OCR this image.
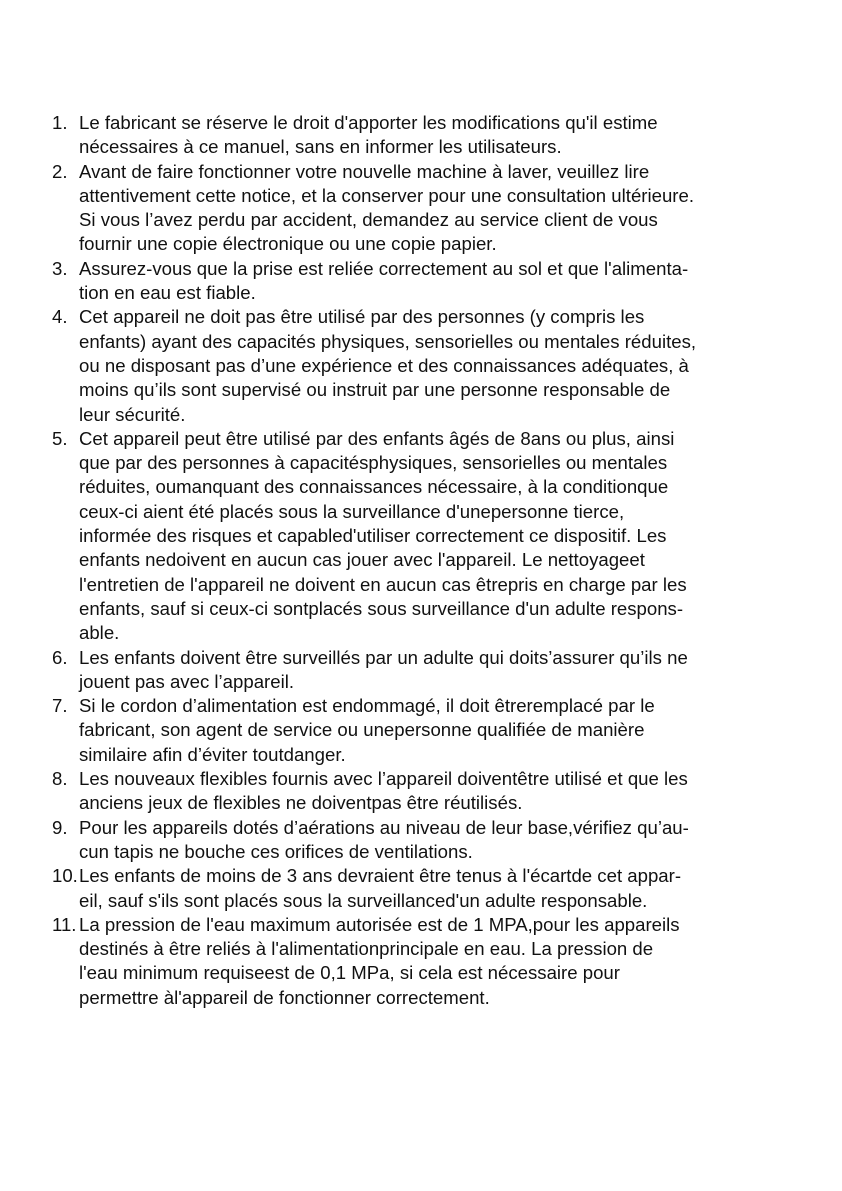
1. Le fabricant se réserve le droit d'apporter les modifications qu'il estime
nécessaires à ce manuel, sans en informer les utilisateurs.
2. Avant de faire fonctionner votre nouvelle machine à laver, veuillez lire
attentivement cette notice, et la conserver pour une consultation ultérieure.
Si vous l’avez perdu par accident, demandez au service client de vous
fournir une copie électronique ou une copie papier.
3. Assurez-vous que la prise est reliée correctement au sol et que l'alimenta-
tion en eau est fiable.
4. Cet appareil ne doit pas être utilisé par des personnes (y compris les
enfants) ayant des capacités physiques, sensorielles ou mentales réduites,
ou ne disposant pas d’une expérience et des connaissances adéquates, à
moins qu’ils sont supervisé ou instruit par une personne responsable de
leur sécurité.
5. Cet appareil peut être utilisé par des enfants âgés de 8ans ou plus, ainsi
que par des personnes à capacitésphysiques, sensorielles ou mentales
réduites, oumanquant des connaissances nécessaire, à la conditionque
ceux-ci aient été placés sous la surveillance d'unepersonne tierce,
informée des risques et capabled'utiliser correctement ce dispositif. Les
enfants nedoivent en aucun cas jouer avec l'appareil. Le nettoyageet
l'entretien de l'appareil ne doivent en aucun cas êtrepris en charge par les
enfants, sauf si ceux-ci sontplacés sous surveillance d'un adulte respons-
able.
6. Les enfants doivent être surveillés par un adulte qui doits’assurer qu’ils ne
jouent pas avec l’appareil.
7. Si le cordon d’alimentation est endommagé, il doit êtreremplacé par le
fabricant, son agent de service ou unepersonne qualifiée de manière
similaire afin d’éviter toutdanger.
8. Les nouveaux flexibles fournis avec l’appareil doiventêtre utilisé et que les
anciens jeux de flexibles ne doiventpas être réutilisés.
9. Pour les appareils dotés d’aérations au niveau de leur base,vérifiez qu’au-
cun tapis ne bouche ces orifices de ventilations.
10. Les enfants de moins de 3 ans devraient être tenus à l'écartde cet appar-
eil, sauf s'ils sont placés sous la surveillanced'un adulte responsable.
11. La pression de l'eau maximum autorisée est de 1 MPA,pour les appareils
destinés à être reliés à l'alimentationprincipale en eau. La pression de
l'eau minimum requiseest de 0,1 MPa, si cela est nécessaire pour
permettre àl'appareil de fonctionner correctement.
